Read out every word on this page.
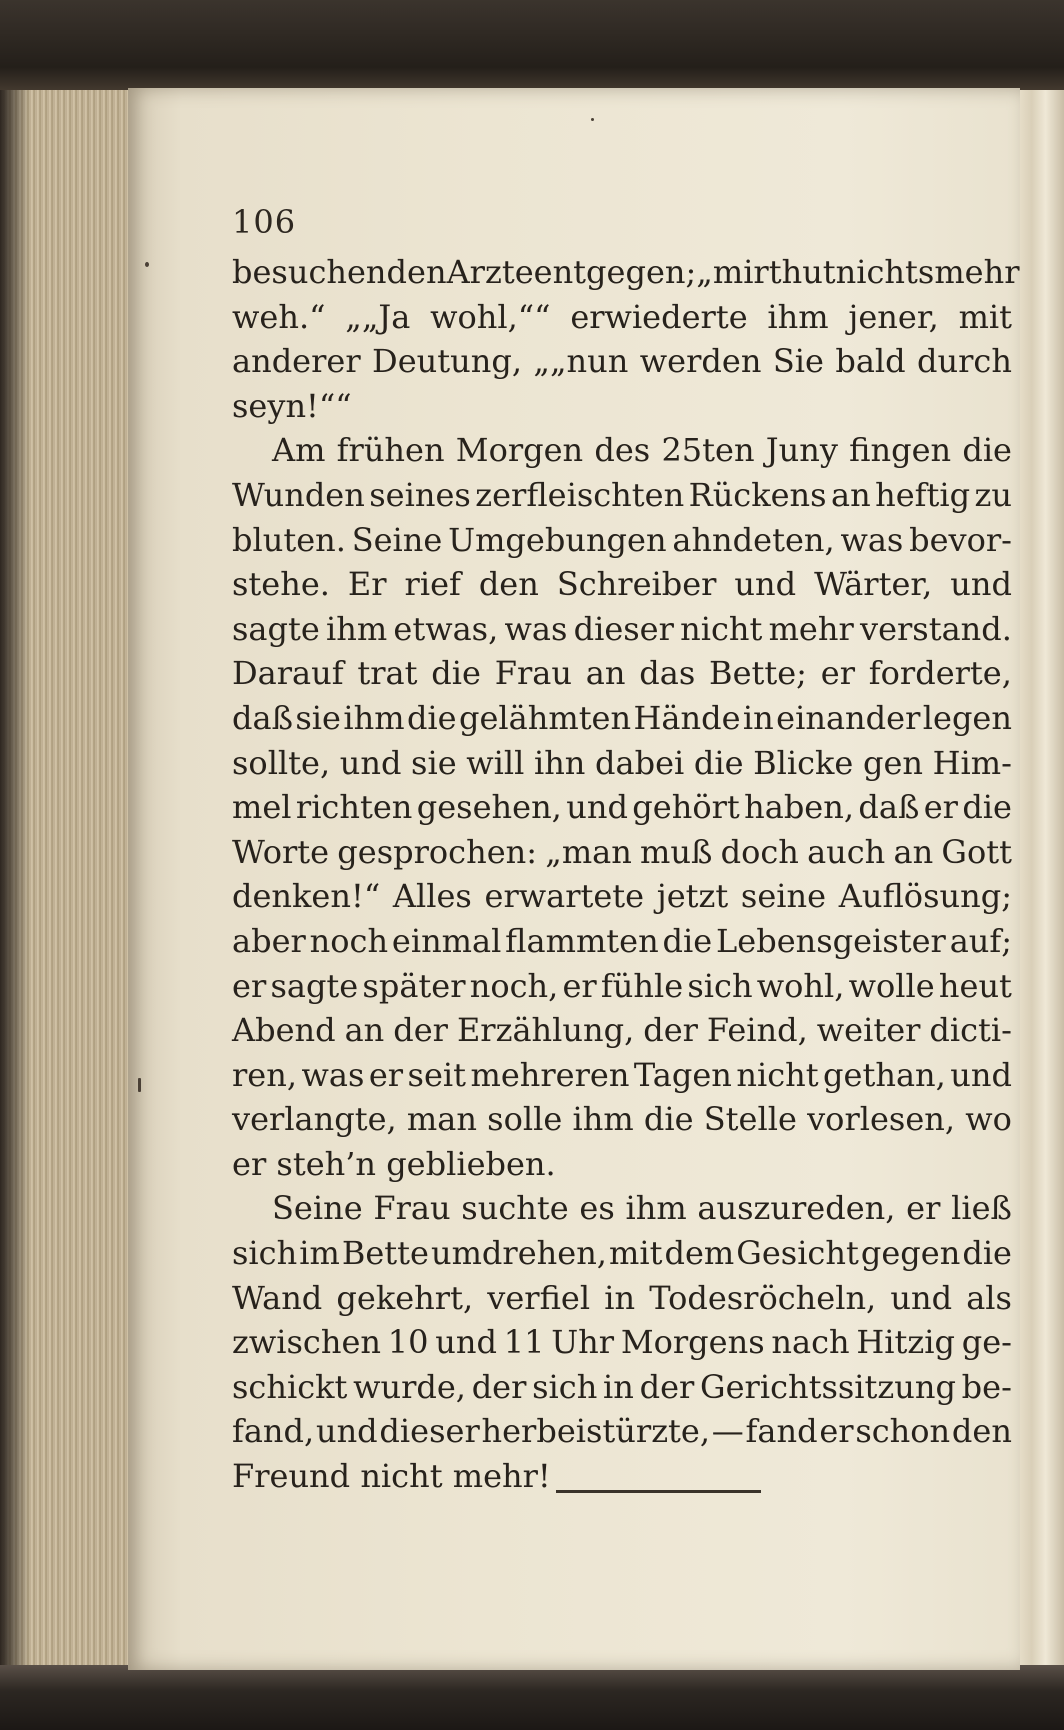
106
besuchenden Arzte entgegen; „mir thut nichts mehr
weh.“ „„Ja wohl,““ erwiederte ihm jener, mit
anderer Deutung, „„nun werden Sie bald durch
seyn!““
Am frühen Morgen des 25ten Juny fingen die
Wunden seines zerfleischten Rückens an heftig zu
bluten. Seine Umgebungen ahndeten, was bevor-
stehe. Er rief den Schreiber und Wärter, und
sagte ihm etwas, was dieser nicht mehr verstand.
Darauf trat die Frau an das Bette; er forderte,
daß sie ihm die gelähmten Hände in einander legen
sollte, und sie will ihn dabei die Blicke gen Him-
mel richten gesehen, und gehört haben, daß er die
Worte gesprochen: „man muß doch auch an Gott
denken!“ Alles erwartete jetzt seine Auflösung;
aber noch einmal flammten die Lebensgeister auf;
er sagte später noch, er fühle sich wohl, wolle heut
Abend an der Erzählung, der Feind, weiter dicti-
ren, was er seit mehreren Tagen nicht gethan, und
verlangte, man solle ihm die Stelle vorlesen, wo
er steh’n geblieben.
Seine Frau suchte es ihm auszureden, er ließ
sich im Bette umdrehen, mit dem Gesicht gegen die
Wand gekehrt, verfiel in Todesröcheln, und als
zwischen 10 und 11 Uhr Morgens nach Hitzig ge-
schickt wurde, der sich in der Gerichtssitzung be-
fand, und dieser herbeistürzte, — fand er schon den
Freund nicht mehr!
